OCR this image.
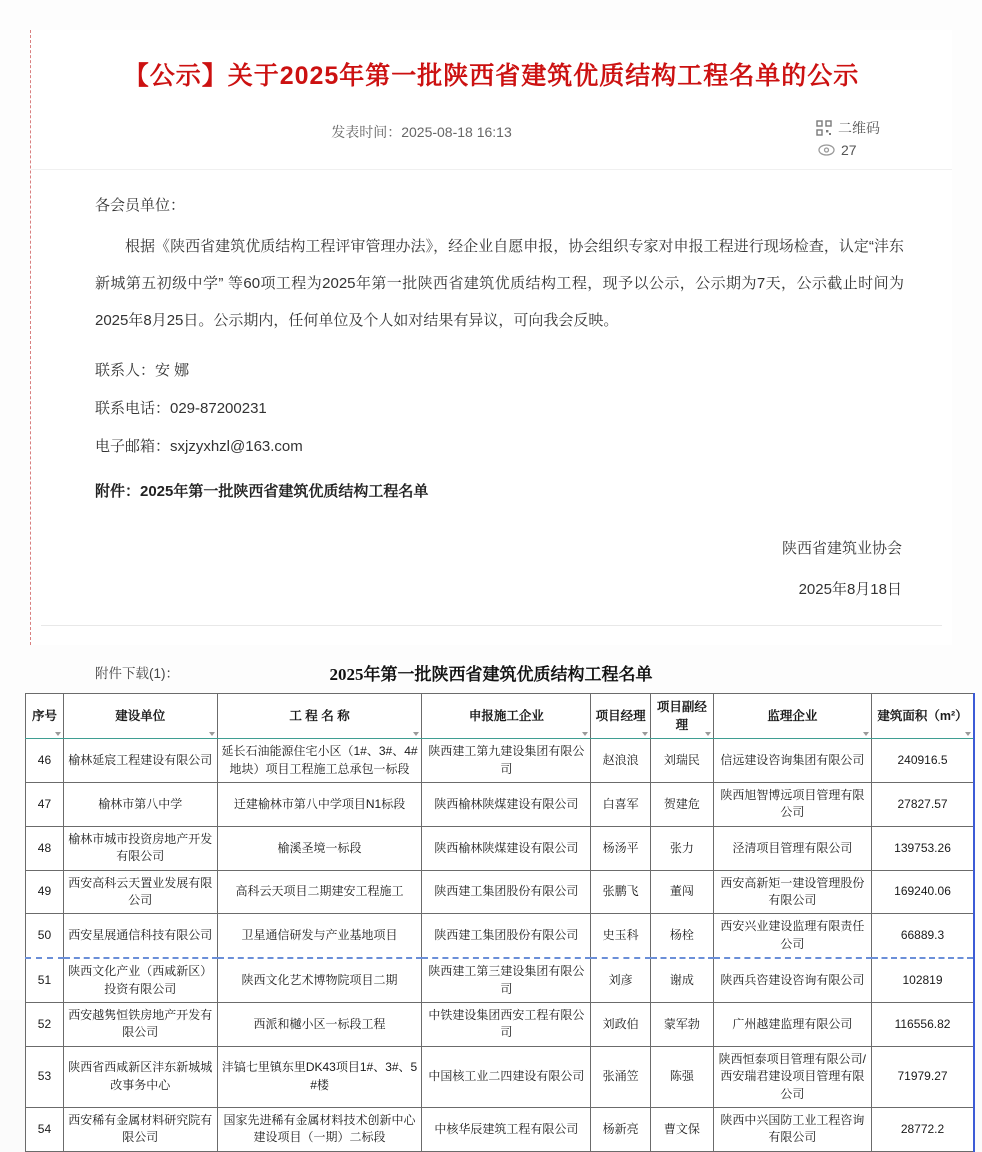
【公示】关于2025年第一批陕西省建筑优质结构工程名单的公示
发表时间：2025-08-18 16:13	二维码
27

各会员单位：

根据《陕西省建筑优质结构工程评审管理办法》，经企业自愿申报，协会组织专家对申报工程进行现场检查，认定“沣东新城第五初级中学” 等60项工程为2025年第一批陕西省建筑优质结构工程，现予以公示，公示期为7天，公示截止时间为2025年8月25日。公示期内，任何单位及个人如对结果有异议，可向我会反映。

联系人：安 娜

联系电话：029-87200231

电子邮箱：sxjzyxhzl@163.com

附件：2025年第一批陕西省建筑优质结构工程名单

陕西省建筑业协会
2025年8月18日
附件下载(1)：	2025年第一批陕西省建筑优质结构工程名单
序号	建设单位	工 程 名 称	申报施工企业	项目经理	项目副经理	监理企业	建筑面积（m²）

46	榆林延宸工程建设有限公司	延长石油能源住宅小区（1#、3#、4#地块）项目工程施工总承包一标段	陕西建工第九建设集团有限公司	赵浪浪	刘瑞民	信远建设咨询集团有限公司	240916.5
47	榆林市第八中学	迁建榆林市第八中学项目N1标段	陕西榆林陕煤建设有限公司	白喜军	贺建危	陕西旭智博远项目管理有限公司	27827.57
48	榆林市城市投资房地产开发有限公司	榆溪圣境一标段	陕西榆林陕煤建设有限公司	杨汤平	张力	泾清项目管理有限公司	139753.26
49	西安高科云天置业发展有限公司	高科云天项目二期建安工程施工	陕西建工集团股份有限公司	张鹏飞	董闯	西安高新矩一建设管理股份有限公司	169240.06
50	西安星展通信科技有限公司	卫星通信研发与产业基地项目	陕西建工集团股份有限公司	史玉科	杨栓	西安兴业建设监理有限责任公司	66889.3
51	陕西文化产业（西咸新区）投资有限公司	陕西文化艺术博物院项目二期	陕西建工第三建设集团有限公司	刘彦	谢成	陕西兵咨建设咨询有限公司	102819
52	西安越隽恒铁房地产开发有限公司	西派和樾小区一标段工程	中铁建设集团西安工程有限公司	刘政伯	蒙军勃	广州越建监理有限公司	116556.82
53	陕西省西咸新区沣东新城城改事务中心	沣镐七里镇东里DK43项目1#、3#、5#楼	中国核工业二四建设有限公司	张涌笠	陈强	陕西恒泰项目管理有限公司/西安瑞君建设项目管理有限公司	71979.27
54	西安稀有金属材料研究院有限公司	国家先进稀有金属材料技术创新中心建设项目（一期）二标段	中核华辰建筑工程有限公司	杨新亮	曹文保	陕西中兴国防工业工程咨询有限公司	28772.2
